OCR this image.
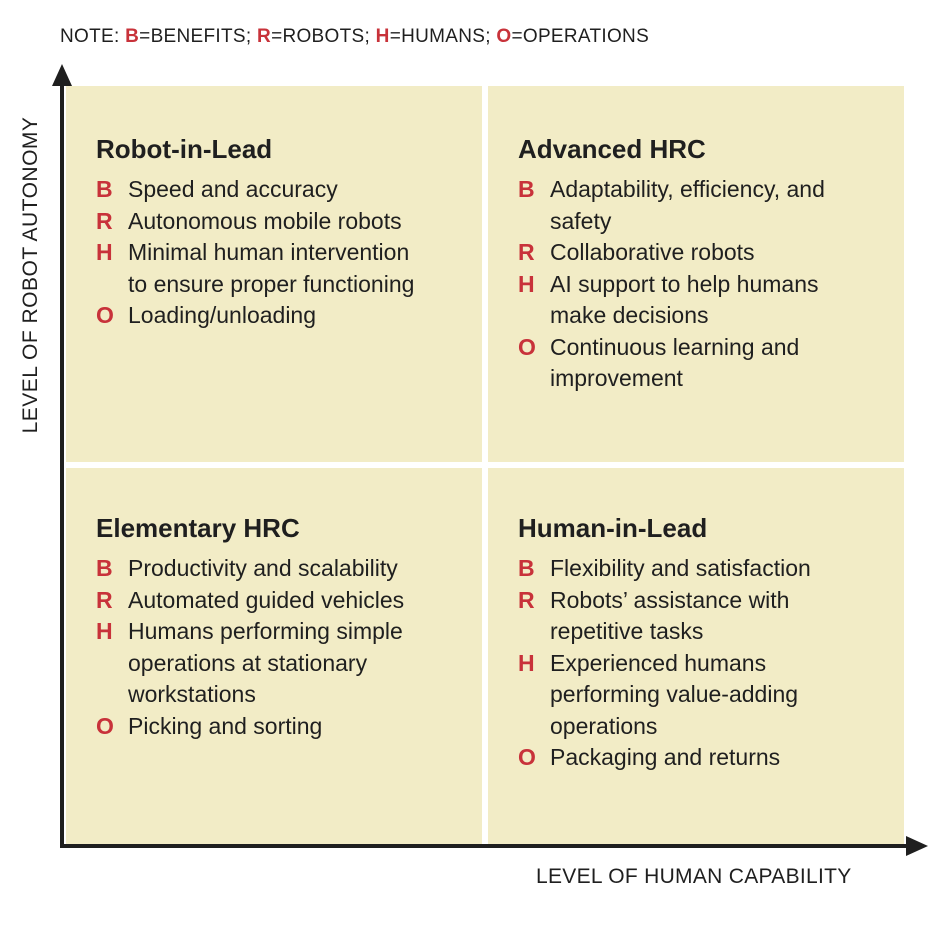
NOTE: B=BENEFITS; R=ROBOTS; H=HUMANS; O=OPERATIONS
Robot-in-Lead
B Speed and accuracy
R Autonomous mobile robots
H Minimal human intervention to ensure proper functioning
O Loading/unloading
Advanced HRC
B Adaptability, efficiency, and safety
R Collaborative robots
H AI support to help humans make decisions
O Continuous learning and improvement
Elementary HRC
B Productivity and scalability
R Automated guided vehicles
H Humans performing simple operations at stationary workstations
O Picking and sorting
Human-in-Lead
B Flexibility and satisfaction
R Robots’ assistance with repetitive tasks
H Experienced humans performing value-adding operations
O Packaging and returns
LEVEL OF ROBOT AUTONOMY
LEVEL OF HUMAN CAPABILITY
